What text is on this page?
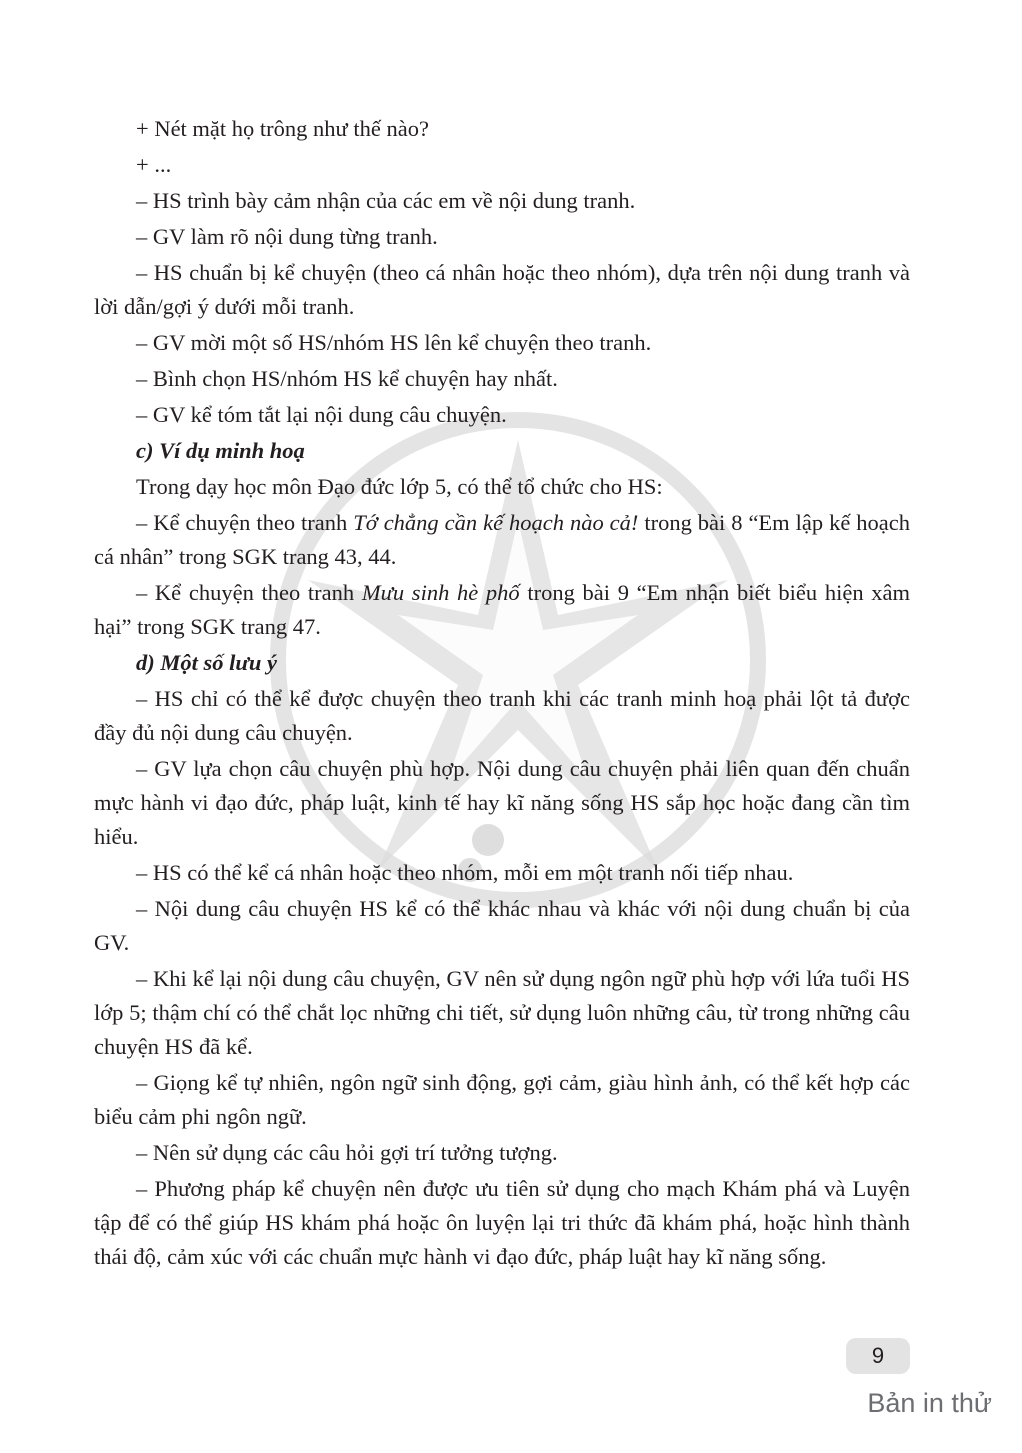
+ Nét mặt họ trông như thế nào?

+ ...

– HS trình bày cảm nhận của các em về nội dung tranh.

– GV làm rõ nội dung từng tranh.

– HS chuẩn bị kể chuyện (theo cá nhân hoặc theo nhóm), dựa trên nội dung tranh và lời dẫn/gợi ý dưới mỗi tranh.

– GV mời một số HS/nhóm HS lên kể chuyện theo tranh.

– Bình chọn HS/nhóm HS kể chuyện hay nhất.

– GV kể tóm tắt lại nội dung câu chuyện.

c) Ví dụ minh hoạ

Trong dạy học môn Đạo đức lớp 5, có thể tổ chức cho HS:

– Kể chuyện theo tranh Tớ chẳng cần kế hoạch nào cả! trong bài 8 “Em lập kế hoạch cá nhân” trong SGK trang 43, 44.

– Kể chuyện theo tranh Mưu sinh hè phố trong bài 9 “Em nhận biết biểu hiện xâm hại” trong SGK trang 47.

d) Một số lưu ý

– HS chỉ có thể kể được chuyện theo tranh khi các tranh minh hoạ phải lột tả được đầy đủ nội dung câu chuyện.

– GV lựa chọn câu chuyện phù hợp. Nội dung câu chuyện phải liên quan đến chuẩn mực hành vi đạo đức, pháp luật, kinh tế hay kĩ năng sống HS sắp học hoặc đang cần tìm hiểu.

– HS có thể kể cá nhân hoặc theo nhóm, mỗi em một tranh nối tiếp nhau.

– Nội dung câu chuyện HS kể có thể khác nhau và khác với nội dung chuẩn bị của GV.

– Khi kể lại nội dung câu chuyện, GV nên sử dụng ngôn ngữ phù hợp với lứa tuổi HS lớp 5; thậm chí có thể chắt lọc những chi tiết, sử dụng luôn những câu, từ trong những câu chuyện HS đã kể.

– Giọng kể tự nhiên, ngôn ngữ sinh động, gợi cảm, giàu hình ảnh, có thể kết hợp các biểu cảm phi ngôn ngữ.

– Nên sử dụng các câu hỏi gợi trí tưởng tượng.

– Phương pháp kể chuyện nên được ưu tiên sử dụng cho mạch Khám phá và Luyện tập để có thể giúp HS khám phá hoặc ôn luyện lại tri thức đã khám phá, hoặc hình thành thái độ, cảm xúc với các chuẩn mực hành vi đạo đức, pháp luật hay kĩ năng sống.

9
Bản in thử
